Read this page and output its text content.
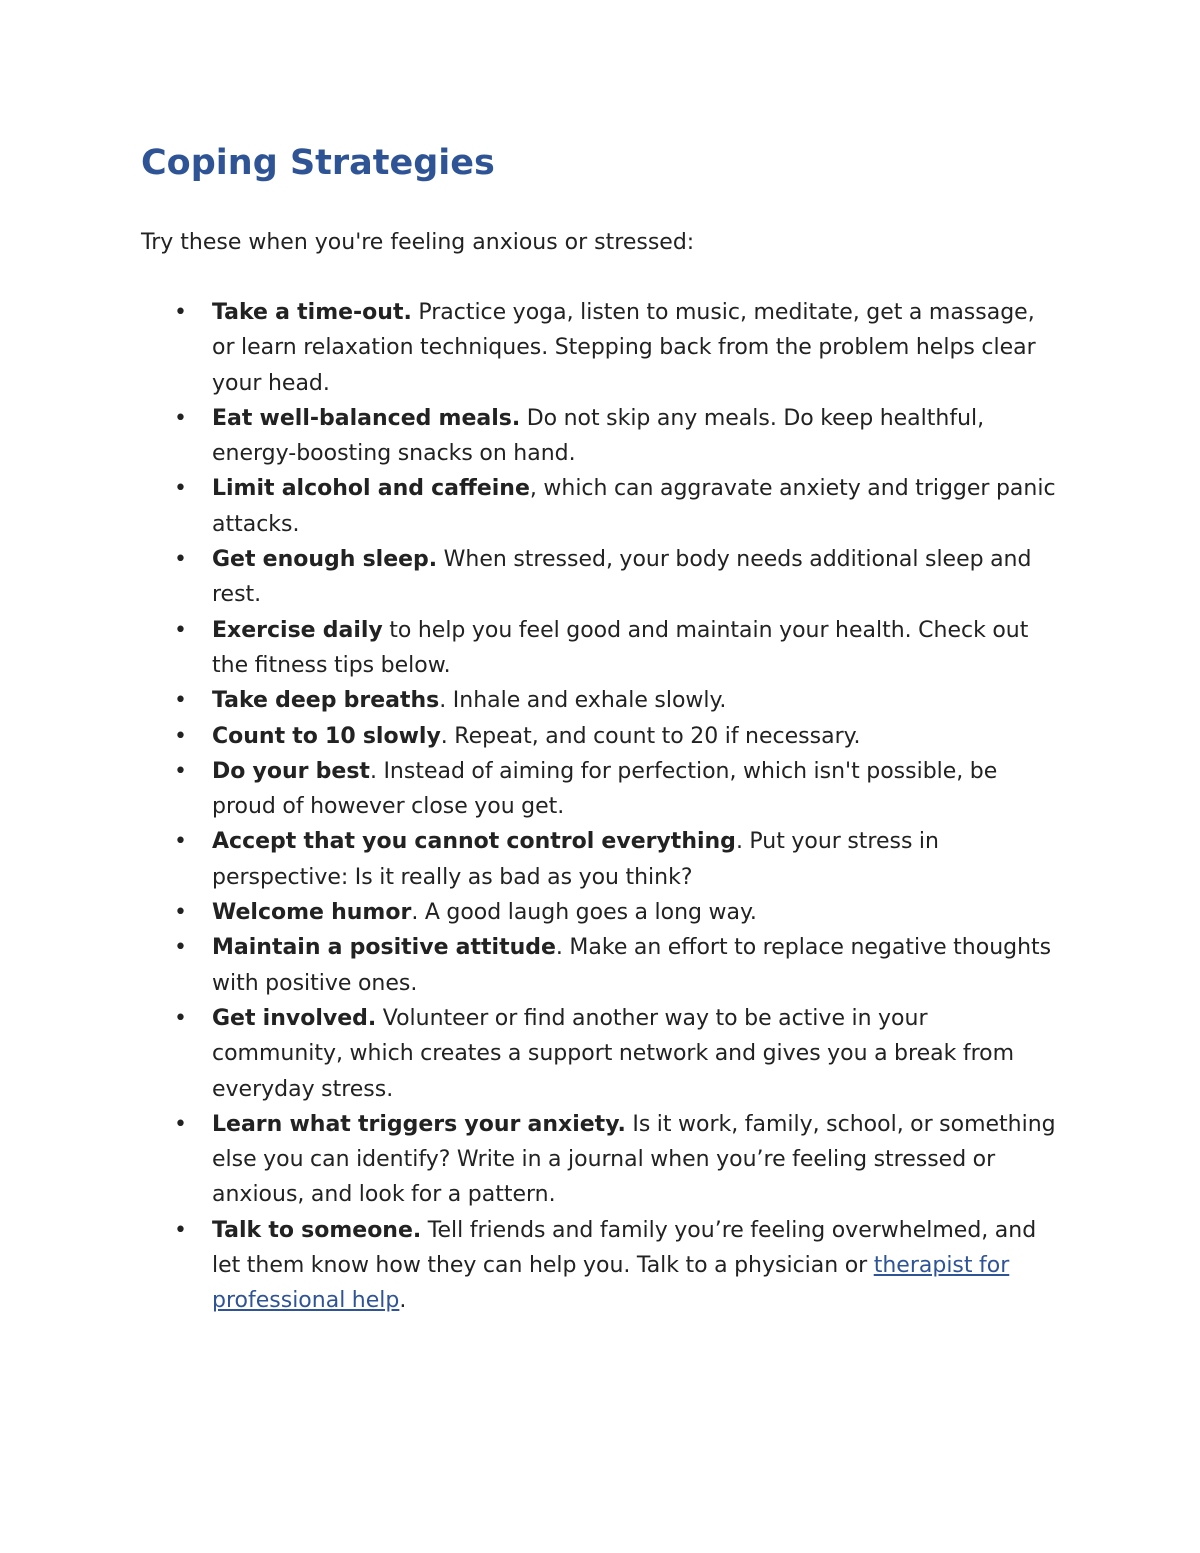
Coping Strategies

Try these when you're feeling anxious or stressed:

• Take a time-out. Practice yoga, listen to music, meditate, get a massage, or learn relaxation techniques. Stepping back from the problem helps clear your head.
• Eat well-balanced meals. Do not skip any meals. Do keep healthful, energy-boosting snacks on hand.
• Limit alcohol and caffeine, which can aggravate anxiety and trigger panic attacks.
• Get enough sleep. When stressed, your body needs additional sleep and rest.
• Exercise daily to help you feel good and maintain your health. Check out the fitness tips below.
• Take deep breaths. Inhale and exhale slowly.
• Count to 10 slowly. Repeat, and count to 20 if necessary.
• Do your best. Instead of aiming for perfection, which isn't possible, be proud of however close you get.
• Accept that you cannot control everything. Put your stress in perspective: Is it really as bad as you think?
• Welcome humor. A good laugh goes a long way.
• Maintain a positive attitude. Make an effort to replace negative thoughts with positive ones.
• Get involved. Volunteer or find another way to be active in your community, which creates a support network and gives you a break from everyday stress.
• Learn what triggers your anxiety. Is it work, family, school, or something else you can identify? Write in a journal when you’re feeling stressed or anxious, and look for a pattern.
• Talk to someone. Tell friends and family you’re feeling overwhelmed, and let them know how they can help you. Talk to a physician or therapist for professional help.
